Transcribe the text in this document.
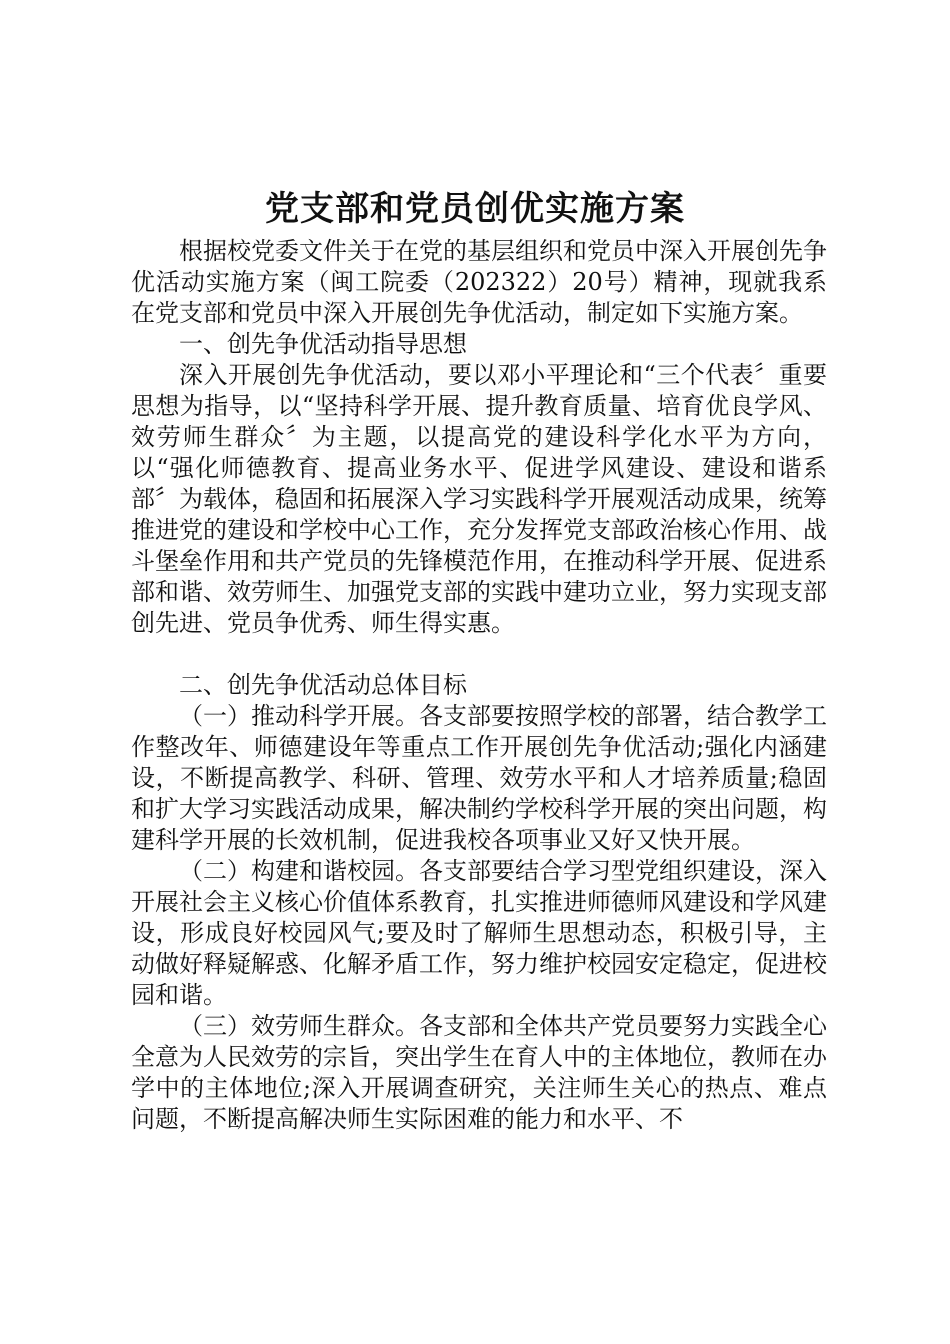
党支部和党员创优实施方案

根据校党委文件关于在党的基层组织和党员中深入开展创先争优活动实施方案（闽工院委（202322）20号）精神，现就我系在党支部和党员中深入开展创先争优活动，制定如下实施方案。

一、创先争优活动指导思想

深入开展创先争优活动，要以邓小平理论和“三个代表〞重要思想为指导，以“坚持科学开展、提升教育质量、培育优良学风、效劳师生群众〞为主题，以提高党的建设科学化水平为方向，以“强化师德教育、提高业务水平、促进学风建设、建设和谐系部〞为载体，稳固和拓展深入学习实践科学开展观活动成果，统筹推进党的建设和学校中心工作，充分发挥党支部政治核心作用、战斗堡垒作用和共产党员的先锋模范作用，在推动科学开展、促进系部和谐、效劳师生、加强党支部的实践中建功立业，努力实现支部创先进、党员争优秀、师生得实惠。

二、创先争优活动总体目标

（一）推动科学开展。各支部要按照学校的部署，结合教学工作整改年、师德建设年等重点工作开展创先争优活动;强化内涵建设，不断提高教学、科研、管理、效劳水平和人才培养质量;稳固和扩大学习实践活动成果，解决制约学校科学开展的突出问题，构建科学开展的长效机制，促进我校各项事业又好又快开展。

（二）构建和谐校园。各支部要结合学习型党组织建设，深入开展社会主义核心价值体系教育，扎实推进师德师风建设和学风建设，形成良好校园风气;要及时了解师生思想动态，积极引导，主动做好释疑解惑、化解矛盾工作，努力维护校园安定稳定，促进校园和谐。

（三）效劳师生群众。各支部和全体共产党员要努力实践全心全意为人民效劳的宗旨，突出学生在育人中的主体地位，教师在办学中的主体地位;深入开展调查研究，关注师生关心的热点、难点问题，不断提高解决师生实际困难的能力和水平、不
